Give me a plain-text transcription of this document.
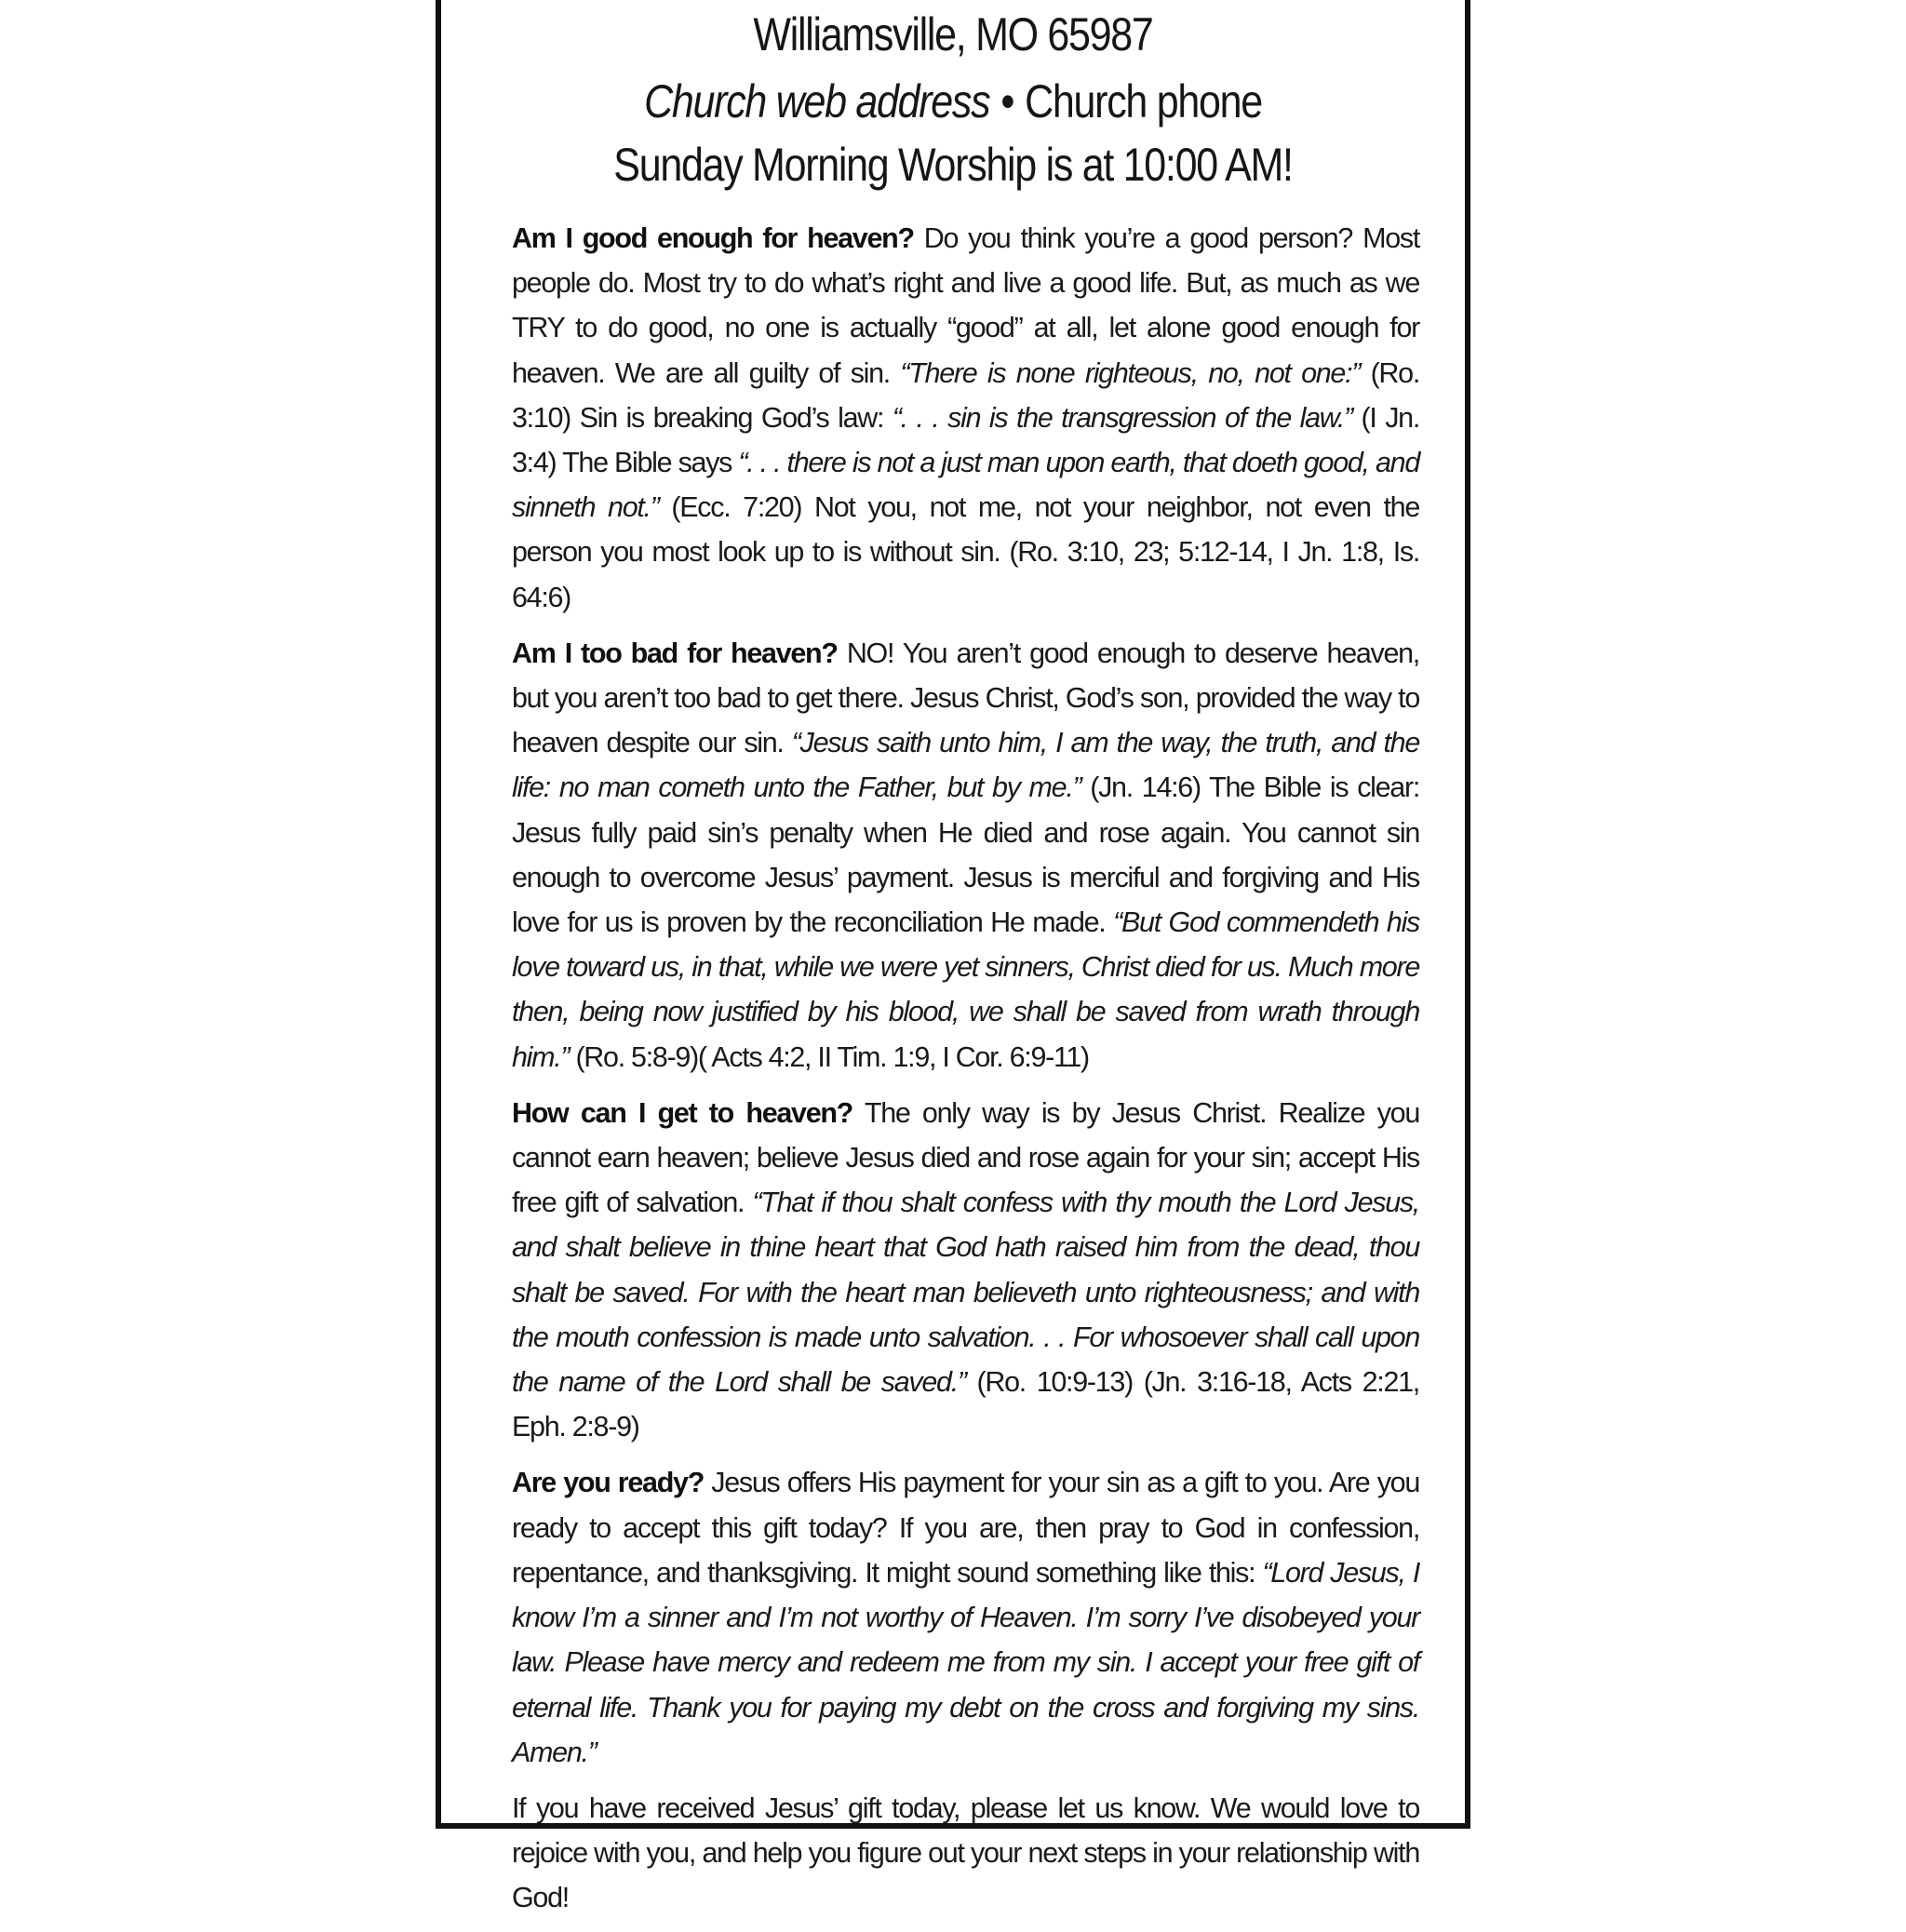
Williamsville, MO 65987
Church web address • Church phone
Sunday Morning Worship is at 10:00 AM!

Am I good enough for heaven? Do you think you’re a good person? Most people do. Most try to do what’s right and live a good life. But, as much as we TRY to do good, no one is actually “good” at all, let alone good enough for heaven. We are all guilty of sin. “There is none righteous, no, not one:” (Ro. 3:10) Sin is breaking God’s law: “. . . sin is the transgression of the law.” (I Jn. 3:4) The Bible says “. . . there is not a just man upon earth, that doeth good, and sinneth not.” (Ecc. 7:20) Not you, not me, not your neighbor, not even the person you most look up to is without sin. (Ro. 3:10, 23; 5:12-14, I Jn. 1:8, Is. 64:6)

Am I too bad for heaven? NO! You aren’t good enough to deserve heaven, but you aren’t too bad to get there. Jesus Christ, God’s son, provided the way to heaven despite our sin. “Jesus saith unto him, I am the way, the truth, and the life: no man cometh unto the Father, but by me.” (Jn. 14:6) The Bible is clear: Jesus fully paid sin’s penalty when He died and rose again. You cannot sin enough to overcome Jesus’ payment. Jesus is merciful and forgiving and His love for us is proven by the reconciliation He made. “But God commendeth his love toward us, in that, while we were yet sinners, Christ died for us. Much more then, being now justified by his blood, we shall be saved from wrath through him.” (Ro. 5:8-9)( Acts 4:2, II Tim. 1:9, I Cor. 6:9-11)

How can I get to heaven? The only way is by Jesus Christ. Realize you cannot earn heaven; believe Jesus died and rose again for your sin; accept His free gift of salvation. “That if thou shalt confess with thy mouth the Lord Jesus, and shalt believe in thine heart that God hath raised him from the dead, thou shalt be saved. For with the heart man believeth unto righteousness; and with the mouth confession is made unto salvation. . . For whosoever shall call upon the name of the Lord shall be saved.” (Ro. 10:9-13) (Jn. 3:16-18, Acts 2:21, Eph. 2:8-9)

Are you ready? Jesus offers His payment for your sin as a gift to you. Are you ready to accept this gift today? If you are, then pray to God in confession, repentance, and thanksgiving. It might sound something like this: “Lord Jesus, I know I’m a sinner and I’m not worthy of Heaven. I’m sorry I’ve disobeyed your law. Please have mercy and redeem me from my sin. I accept your free gift of eternal life. Thank you for paying my debt on the cross and forgiving my sins. Amen.”

If you have received Jesus’ gift today, please let us know. We would love to rejoice with you, and help you figure out your next steps in your relationship with God!
